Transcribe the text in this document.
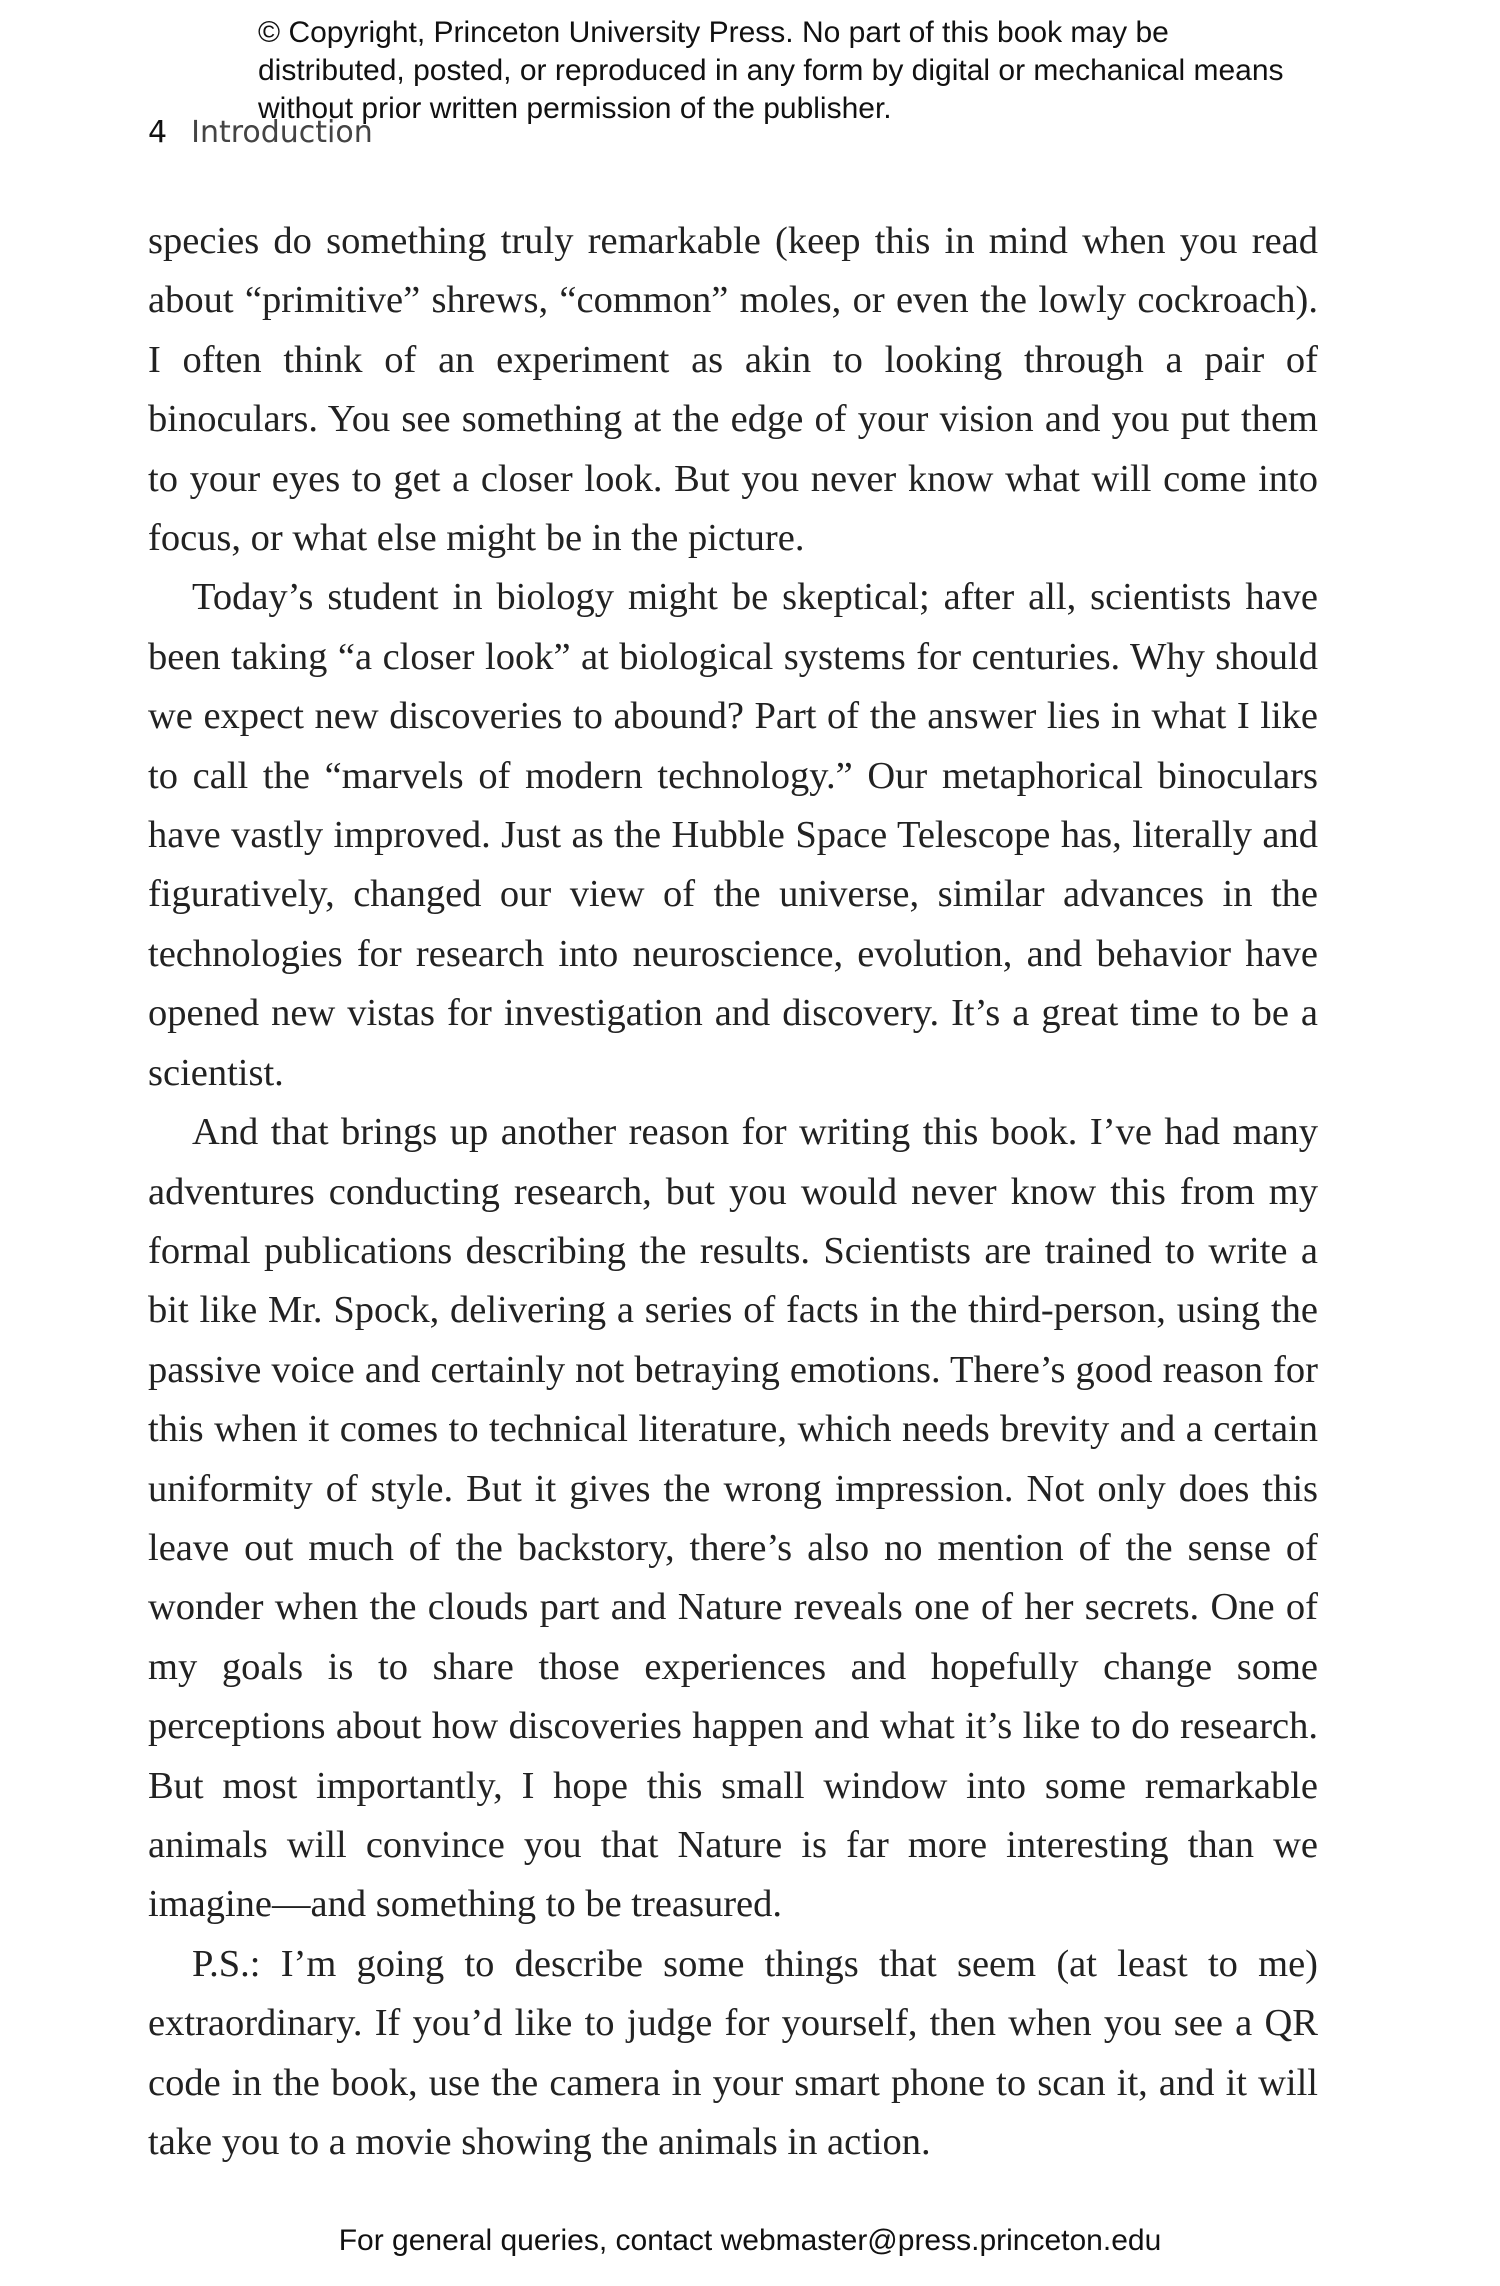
© Copyright, Princeton University Press. No part of this book may be distributed, posted, or reproduced in any form by digital or mechanical means without prior written permission of the publisher.
4 Introduction

species do something truly remarkable (keep this in mind when you read about “primitive” shrews, “common” moles, or even the lowly cockroach). I often think of an experiment as akin to looking through a pair of binoculars. You see something at the edge of your vision and you put them to your eyes to get a closer look. But you never know what will come into focus, or what else might be in the picture.

Today’s student in biology might be skeptical; after all, scientists have been taking “a closer look” at biological systems for centuries. Why should we expect new discoveries to abound? Part of the answer lies in what I like to call the “marvels of modern technology.” Our metaphorical binoculars have vastly improved. Just as the Hubble Space Telescope has, literally and figuratively, changed our view of the universe, similar advances in the technologies for research into neuroscience, evolution, and behavior have opened new vistas for investigation and discovery. It’s a great time to be a scientist.

And that brings up another reason for writing this book. I’ve had many adventures conducting research, but you would never know this from my formal publications describing the results. Scientists are trained to write a bit like Mr. Spock, delivering a series of facts in the third-person, using the passive voice and certainly not betraying emotions. There’s good reason for this when it comes to technical literature, which needs brevity and a certain uniformity of style. But it gives the wrong impression. Not only does this leave out much of the backstory, there’s also no mention of the sense of wonder when the clouds part and Nature reveals one of her secrets. One of my goals is to share those experiences and hopefully change some perceptions about how discoveries happen and what it’s like to do research. But most importantly, I hope this small window into some remarkable animals will convince you that Nature is far more interesting than we imagine—and something to be treasured.

P.S.: I’m going to describe some things that seem (at least to me) extraordinary. If you’d like to judge for yourself, then when you see a QR code in the book, use the camera in your smart phone to scan it, and it will take you to a movie showing the animals in action.

For general queries, contact webmaster@press.princeton.edu
